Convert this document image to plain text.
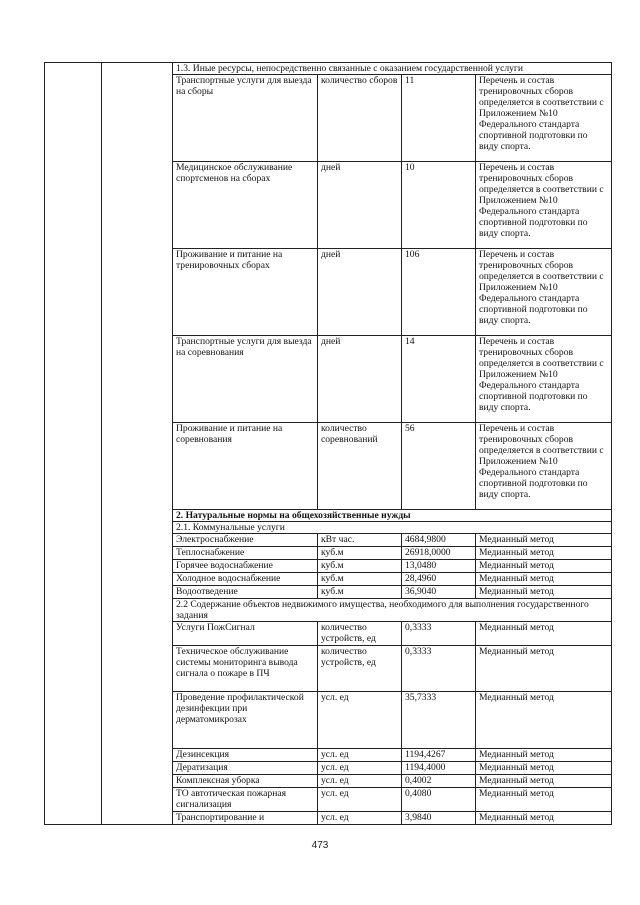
		1.3. Иные ресурсы, непосредственно связанные с оказанием государственной услуги			
		Транспортные услуги для выезда на сборы	количество сборов	11	Перечень и состав тренировочных сборов определяется в соответствии с Приложением №10 Федерального стандарта спортивной подготовки по виду спорта.
		Медицинское обслуживание спортсменов на сборах	дней	10	Перечень и состав тренировочных сборов определяется в соответствии с Приложением №10 Федерального стандарта спортивной подготовки по виду спорта.
		Проживание и питание на тренировочных сборах	дней	106	Перечень и состав тренировочных сборов определяется в соответствии с Приложением №10 Федерального стандарта спортивной подготовки по виду спорта.
		Транспортные услуги для выезда на соревнования	дней	14	Перечень и состав тренировочных сборов определяется в соответствии с Приложением №10 Федерального стандарта спортивной подготовки по виду спорта.
		Проживание и питание на соревнования	количество соревнований	56	Перечень и состав тренировочных сборов определяется в соответствии с Приложением №10 Федерального стандарта спортивной подготовки по виду спорта.
		2. Натуральные нормы на общехозяйственные нужды			
		2.1. Коммунальные услуги			
		Электроснабжение	кВт час.	4684,9800	Медианный метод
		Теплоснабжение	куб.м	26918,0000	Медианный метод
		Горячее водоснабжение	куб.м	13,0480	Медианный метод
		Холодное водоснабжение	куб.м	28,4960	Медианный метод
		Водоотведение	куб.м	36,9040	Медианный метод
		2.2 Содержание объектов недвижимого имущества, необходимого для выполнения государственного задания			
		Услуги ПожСигнал	количество устройств, ед	0,3333	Медианный метод
		Техническое обслуживание системы мониторинга вывода сигнала о пожаре в ПЧ	количество устройств, ед	0,3333	Медианный метод
		Проведение профилактической дезинфекции при дерматомикрозах	усл. ед	35,7333	Медианный метод
		Дезинсекция	усл. ед	1194,4267	Медианный метод
		Дератизация	усл. ед	1194,4000	Медианный метод
		Комплексная уборка	усл. ед	0,4002	Медианный метод
		ТО автотическая пожарная сигнализация	усл. ед	0,4080	Медианный метод
		Транспортирование и	усл. ед	3,9840	Медианный метод
473
